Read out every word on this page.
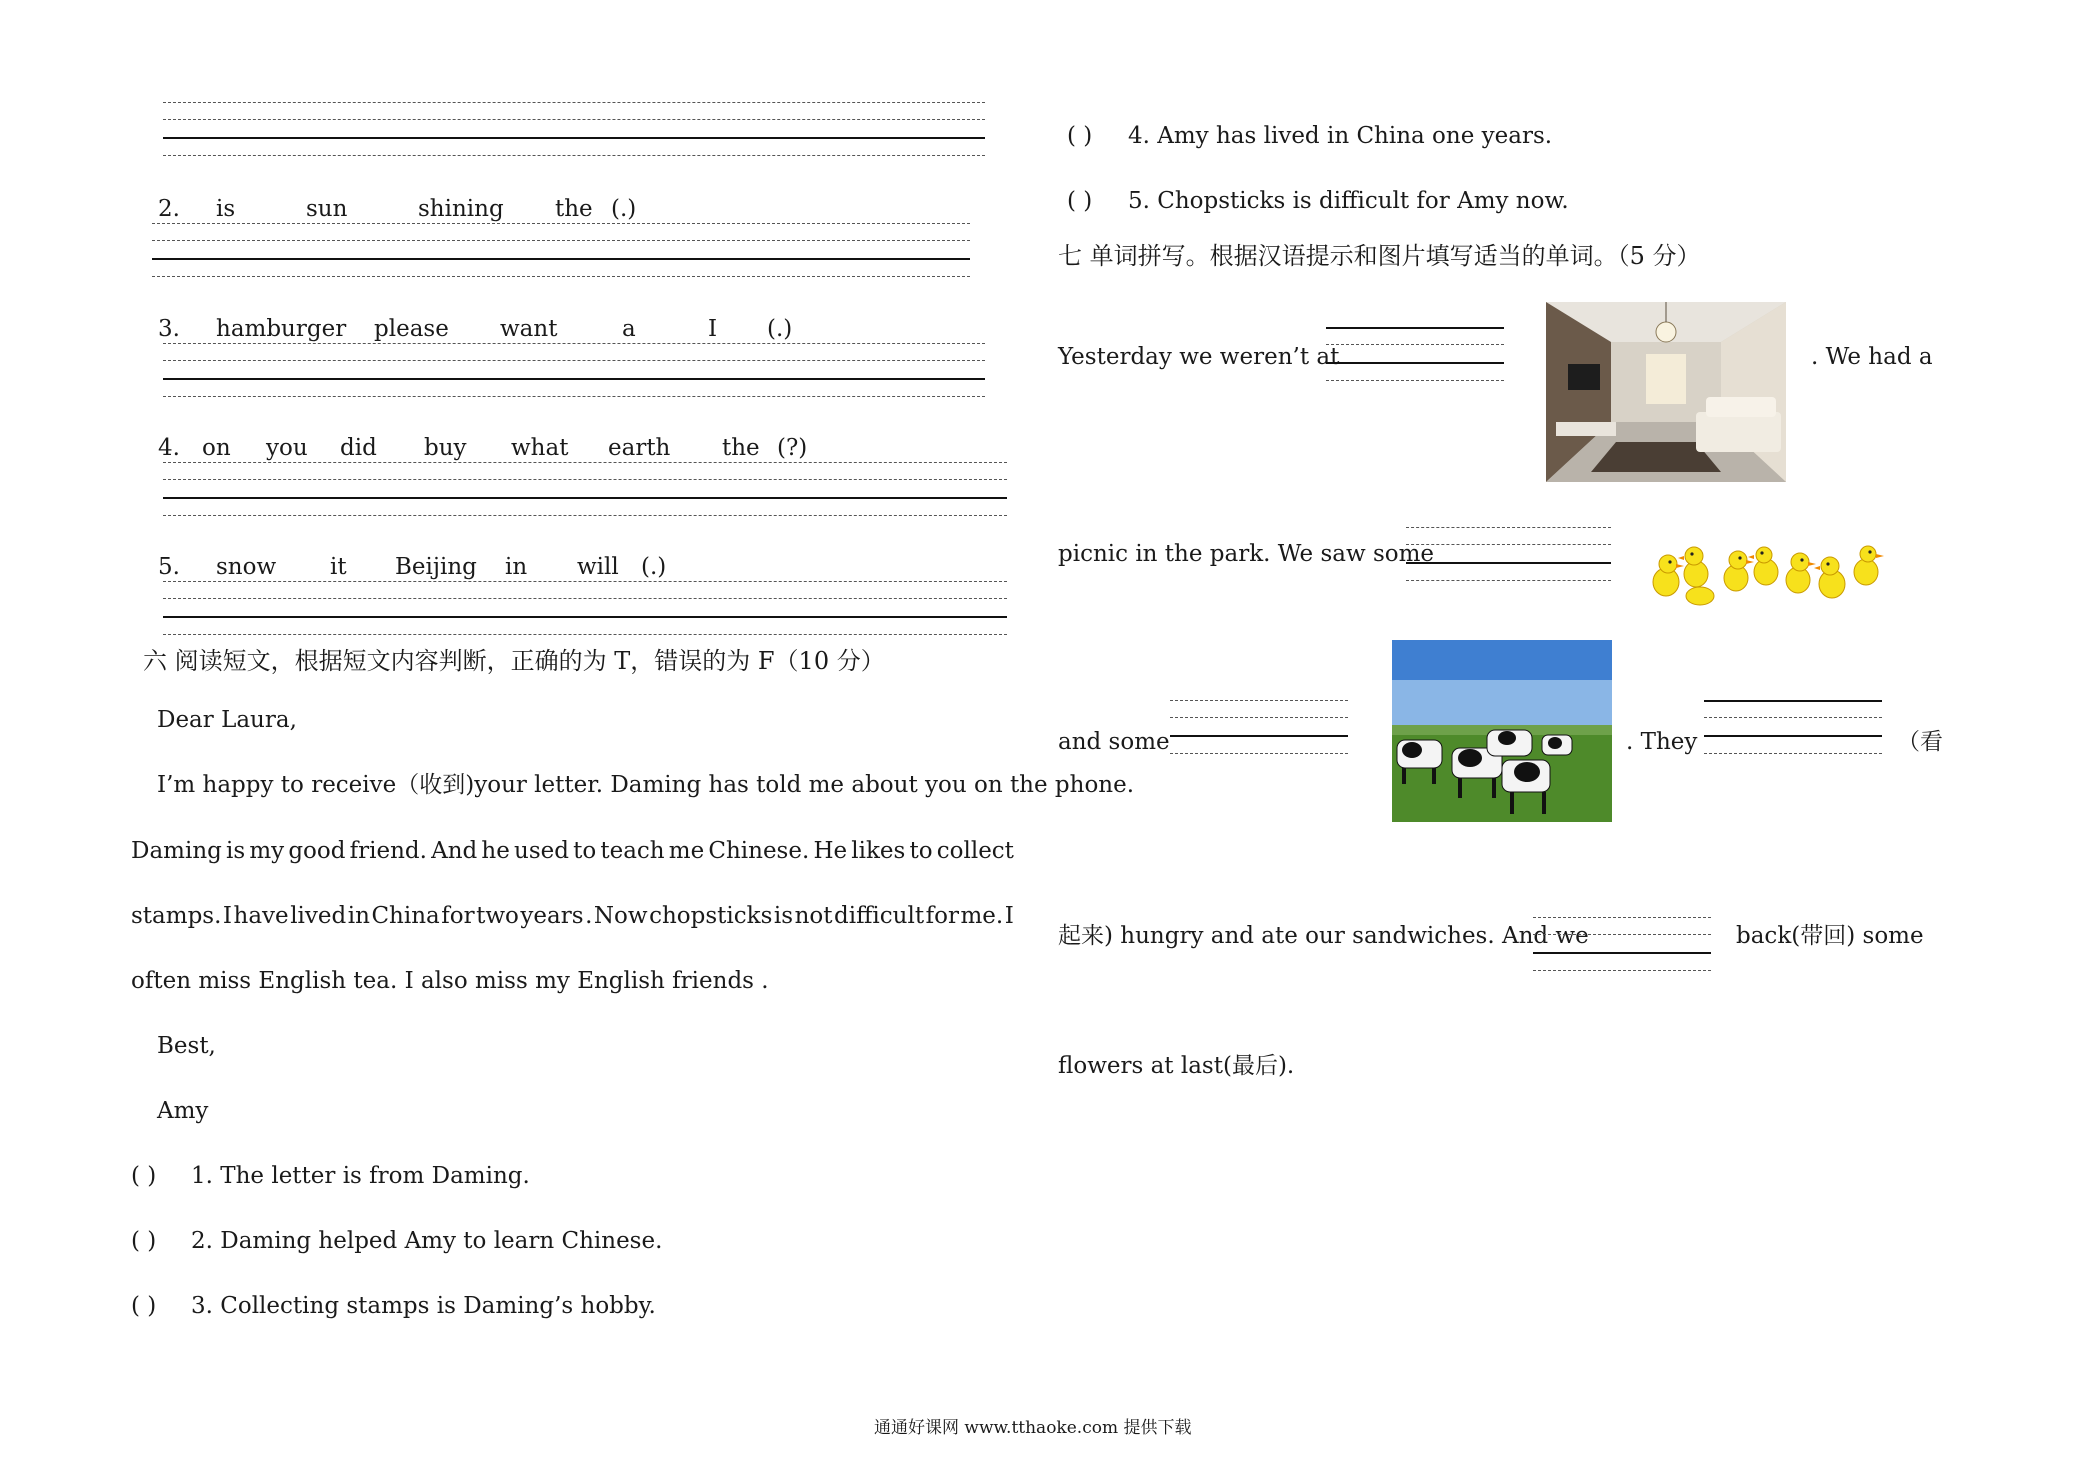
2. is	sun	shining the (.)
3. hamburger please want	a	I (.)
4. on you did buy what earth the (?)
5. snow it Beijing in will (.)
六 阅读短文，根据短文内容判断，正确的为 T，错误的为 F（10 分）
Dear Laura,
I’m happy to receive（收到)your letter. Daming has told me about you on the phone.
Daming is my good friend. And he used to teach me Chinese. He likes to collect
stamps. I have lived in China for two years . Now chopsticks is not difficult for me. I
often miss English tea. I also miss my English friends .
Best,
Amy
( ) 1. The letter is from Daming.
( ) 2. Daming helped Amy to learn Chinese.
( ) 3. Collecting stamps is Daming’s hobby.
( ) 4. Amy has lived in China one years.
( ) 5. Chopsticks is difficult for Amy now.
七 单词拼写。根据汉语提示和图片填写适当的单词。（5 分）
Yesterday we weren’t at	. We had a
picnic in the park. We saw some
and some	. They	（看
起来) hungry and ate our sandwiches. And we	back(带回) some
flowers at last(最后).
通通好课网 www.tthaoke.com 提供下载
